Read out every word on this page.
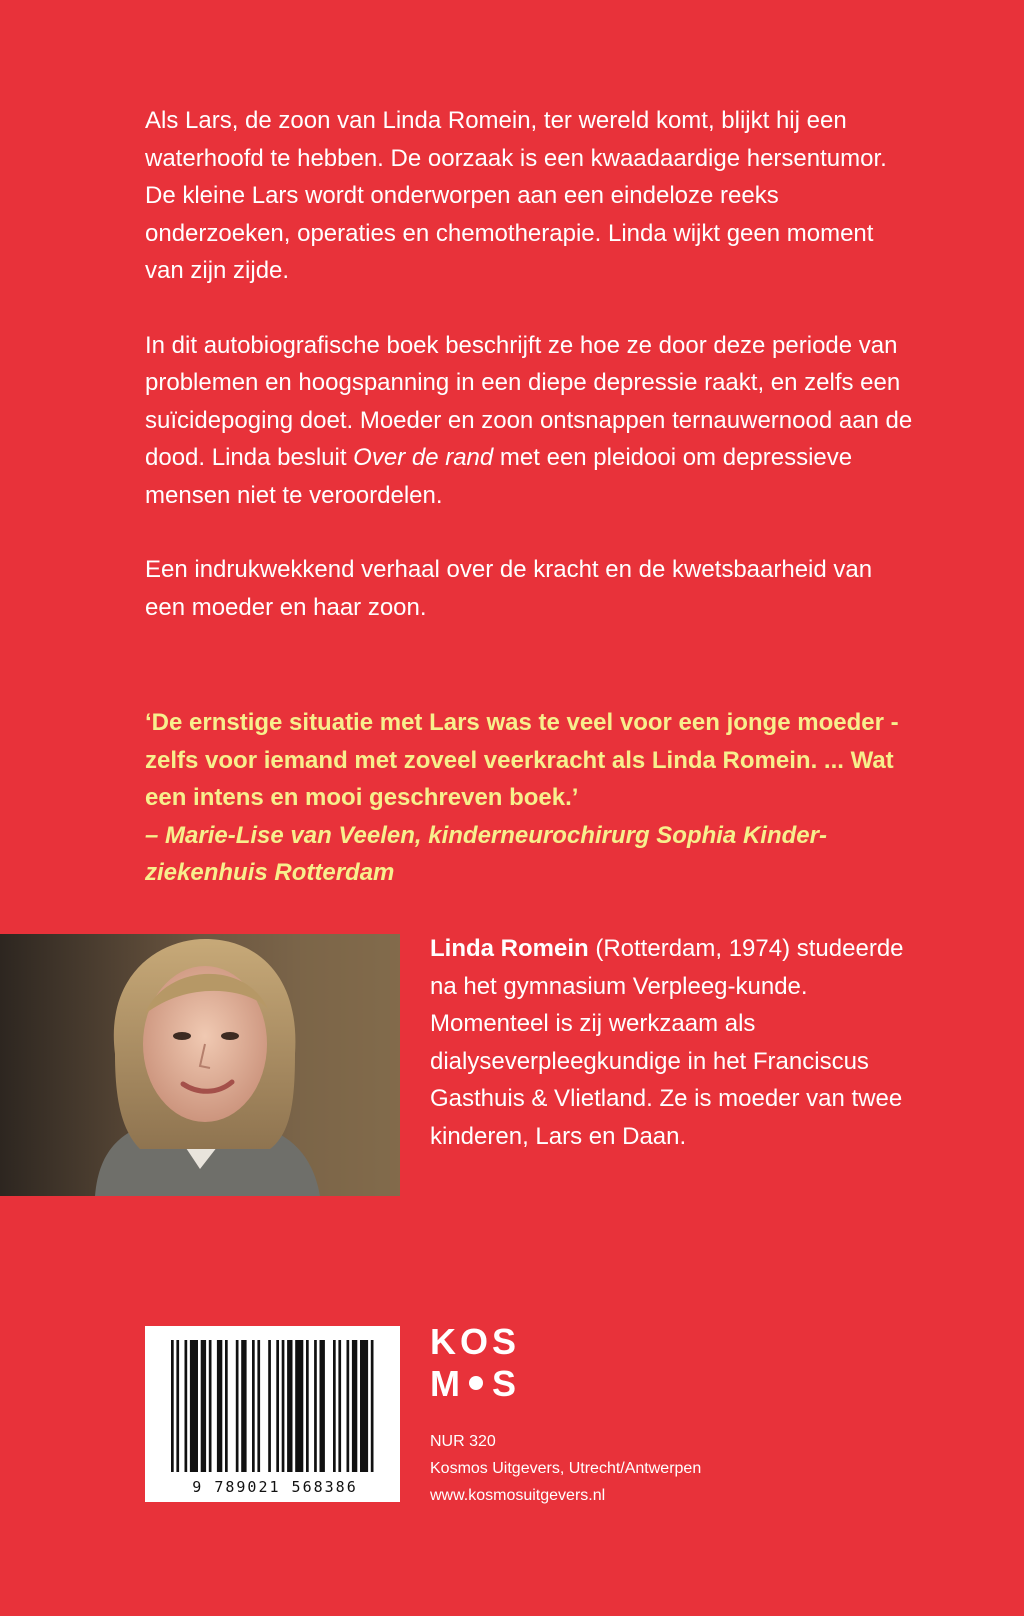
Als Lars, de zoon van Linda Romein, ter wereld komt, blijkt hij een waterhoofd te hebben. De oorzaak is een kwaadaardige hersentumor. De kleine Lars wordt onderworpen aan een eindeloze reeks onderzoeken, operaties en chemotherapie. Linda wijkt geen moment van zijn zijde.

In dit autobiografische boek beschrijft ze hoe ze door deze periode van problemen en hoogspanning in een diepe depressie raakt, en zelfs een suïcidepoging doet. Moeder en zoon ontsnappen ternauwernood aan de dood. Linda besluit Over de rand met een pleidooi om depressieve mensen niet te veroordelen.

Een indrukwekkend verhaal over de kracht en de kwetsbaarheid van een moeder en haar zoon.

‘De ernstige situatie met Lars was te veel voor een jonge moeder - zelfs voor iemand met zoveel veerkracht als Linda Romein. ... Wat een intens en mooi geschreven boek.’
– Marie-Lise van Veelen, kinderneurochirurg Sophia Kinder-ziekenhuis Rotterdam
Linda Romein (Rotterdam, 1974) studeerde na het gymnasium Verpleeg-kunde. Momenteel is zij werkzaam als dialyseverpleegkundige in het Franciscus Gasthuis & Vlietland. Ze is moeder van twee kinderen, Lars en Daan.
9 789021 568386
K O S
M S
NUR 320
Kosmos Uitgevers, Utrecht/Antwerpen
www.kosmosuitgevers.nl
